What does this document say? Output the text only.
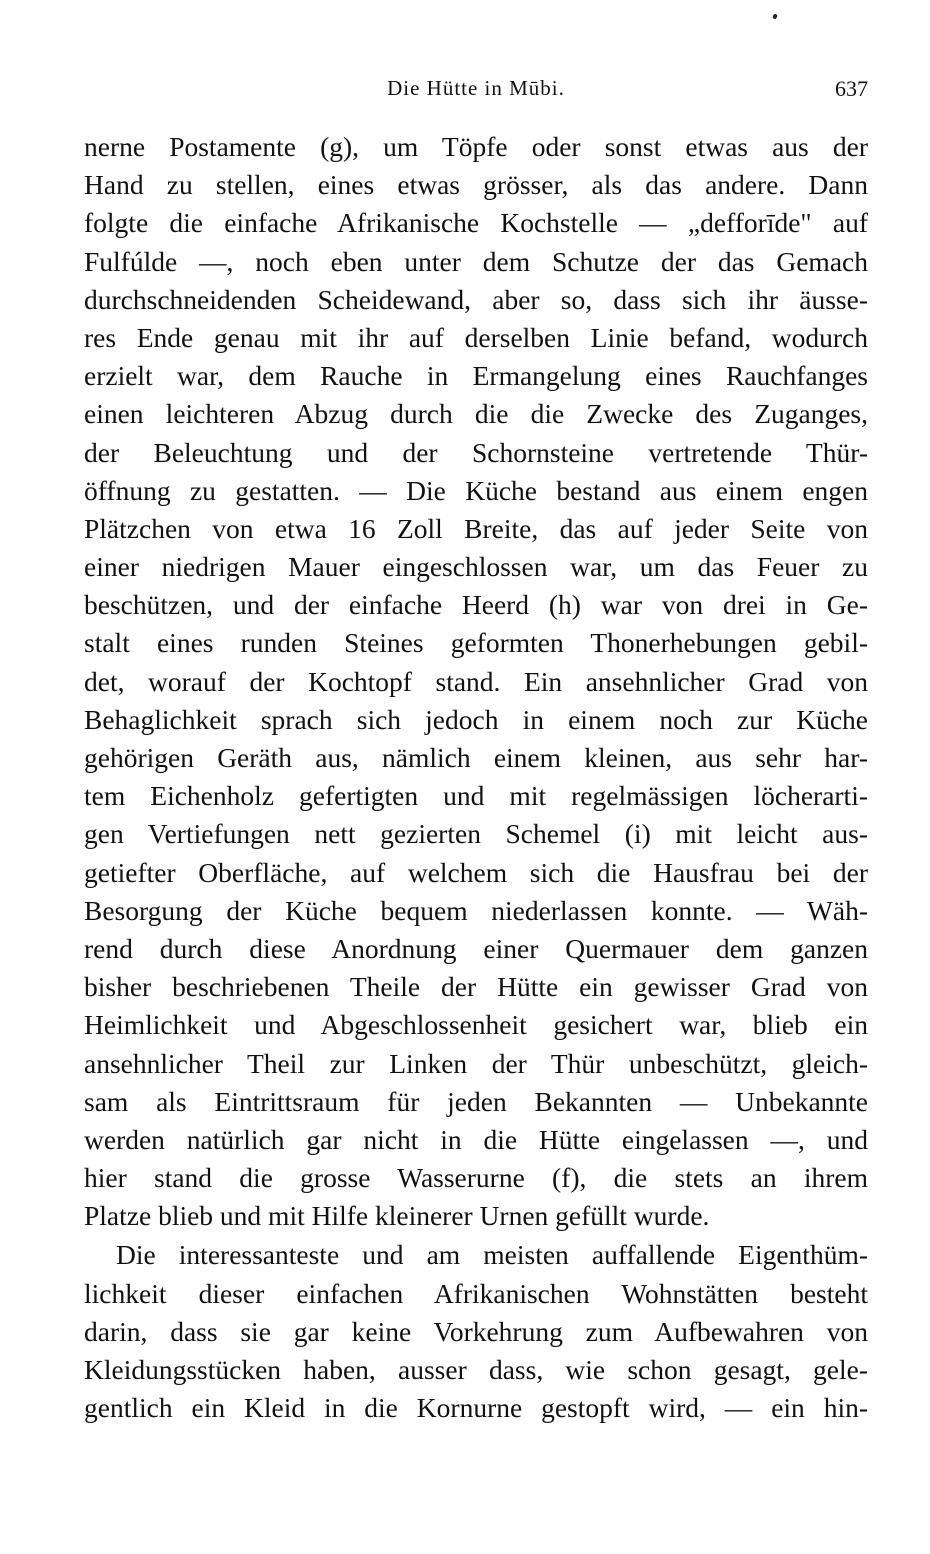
Die Hütte in Mūbi.	637
nerne Postamente (g), um Töpfe oder sonst etwas aus der
Hand zu stellen, eines etwas grösser, als das andere. Dann
folgte die einfache Afrikanische Kochstelle — „defforīde" auf
Fulfúlde —, noch eben unter dem Schutze der das Gemach
durchschneidenden Scheidewand, aber so, dass sich ihr äusse-
res Ende genau mit ihr auf derselben Linie befand, wodurch
erzielt war, dem Rauche in Ermangelung eines Rauchfanges
einen leichteren Abzug durch die die Zwecke des Zuganges,
der Beleuchtung und der Schornsteine vertretende Thür-
öffnung zu gestatten. — Die Küche bestand aus einem engen
Plätzchen von etwa 16 Zoll Breite, das auf jeder Seite von
einer niedrigen Mauer eingeschlossen war, um das Feuer zu
beschützen, und der einfache Heerd (h) war von drei in Ge-
stalt eines runden Steines geformten Thonerhebungen gebil-
det, worauf der Kochtopf stand. Ein ansehnlicher Grad von
Behaglichkeit sprach sich jedoch in einem noch zur Küche
gehörigen Geräth aus, nämlich einem kleinen, aus sehr har-
tem Eichenholz gefertigten und mit regelmässigen löcherarti-
gen Vertiefungen nett gezierten Schemel (i) mit leicht aus-
getiefter Oberfläche, auf welchem sich die Hausfrau bei der
Besorgung der Küche bequem niederlassen konnte. — Wäh-
rend durch diese Anordnung einer Quermauer dem ganzen
bisher beschriebenen Theile der Hütte ein gewisser Grad von
Heimlichkeit und Abgeschlossenheit gesichert war, blieb ein
ansehnlicher Theil zur Linken der Thür unbeschützt, gleich-
sam als Eintrittsraum für jeden Bekannten — Unbekannte
werden natürlich gar nicht in die Hütte eingelassen —, und
hier stand die grosse Wasserurne (f), die stets an ihrem
Platze blieb und mit Hilfe kleinerer Urnen gefüllt wurde.
Die interessanteste und am meisten auffallende Eigenthüm-
lichkeit dieser einfachen Afrikanischen Wohnstätten besteht
darin, dass sie gar keine Vorkehrung zum Aufbewahren von
Kleidungsstücken haben, ausser dass, wie schon gesagt, gele-
gentlich ein Kleid in die Kornurne gestopft wird, — ein hin-
